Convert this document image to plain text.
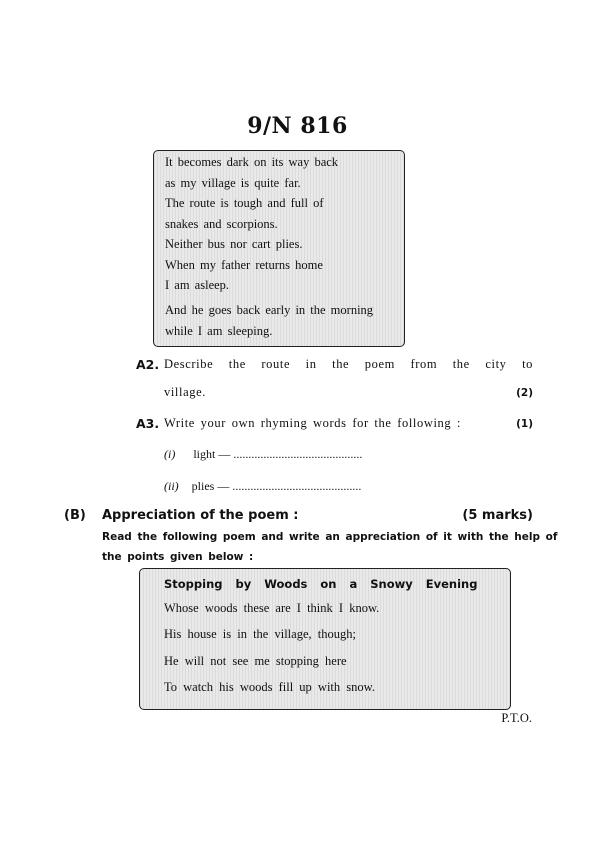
9/N 816
It becomes dark on its way back
as my village is quite far.
The route is tough and full of
snakes and scorpions.
Neither bus nor cart plies.
When my father returns home
I am asleep.
And he goes back early in the morning
while I am sleeping.
A2. Describe the route in the poem from the city to
village.	(2)
A3. Write your own rhyming words for the following :	(1)
(i) light — ...........................................
(ii) plies — ...........................................
(B) Appreciation of the poem :	(5 marks)
Read the following poem and write an appreciation of it with the help of
the points given below :
Stopping by Woods on a Snowy Evening
Whose woods these are I think I know.
His house is in the village, though;
He will not see me stopping here
To watch his woods fill up with snow.
P.T.O.
